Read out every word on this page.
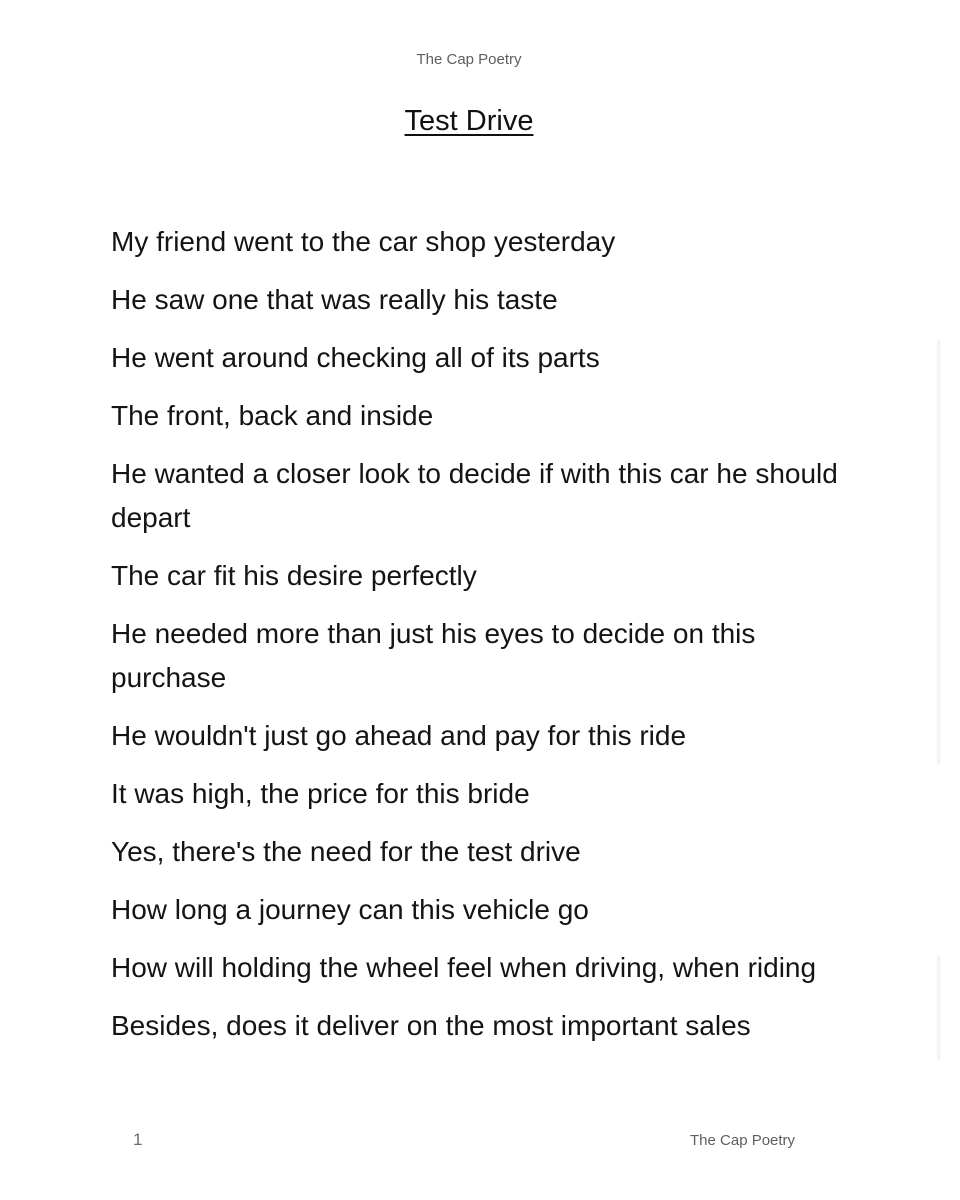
The Cap Poetry
Test Drive
My friend went to the car shop yesterday
He saw one that was really his taste
He went around checking all of its parts
The front, back and inside
He wanted a closer look to decide if with this car he should depart
The car fit his desire perfectly
He needed more than just his eyes to decide on this purchase
He wouldn't just go ahead and pay for this ride
It was high, the price for this bride
Yes, there's the need for the test drive
How long a journey can this vehicle go
How will holding the wheel feel when driving, when riding
Besides, does it deliver on the most important sales
1	The Cap Poetry
